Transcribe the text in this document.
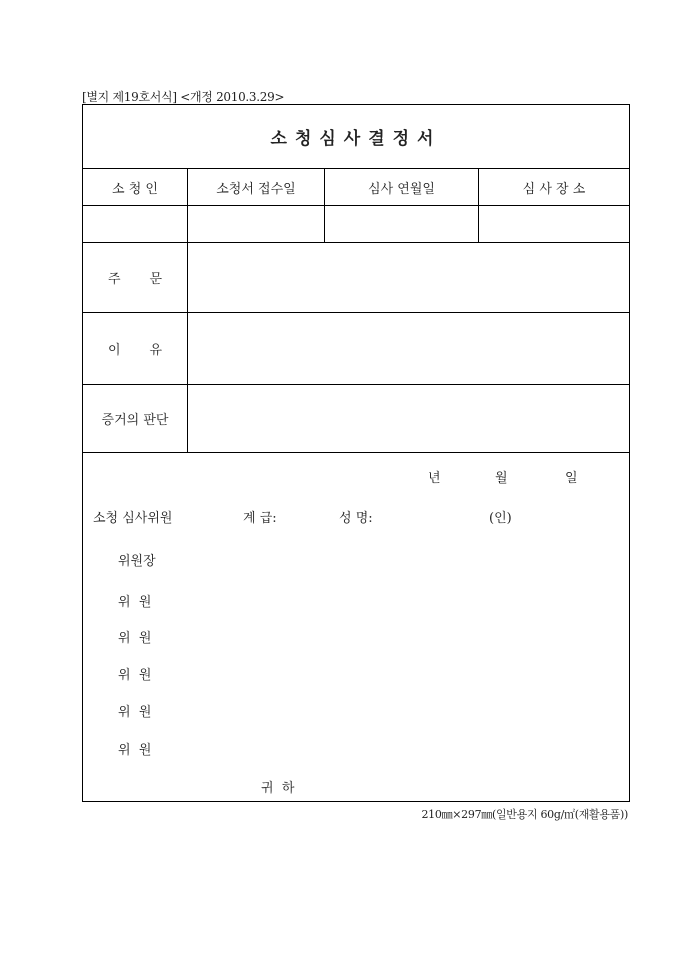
[별지 제19호서식] <개정 2010.3.29>
소청심사결정서
소 청 인	소청서 접수일	심사 연월일	심 사 장 소
주 문
이 유
증거의 판단
년	월	일
소청 심사위원	계 급:	성 명:	(인)
위원장
위  원
위  원
위  원
위  원
위  원
귀  하
210㎜×297㎜(일반용지 60g/㎡(재활용품))
